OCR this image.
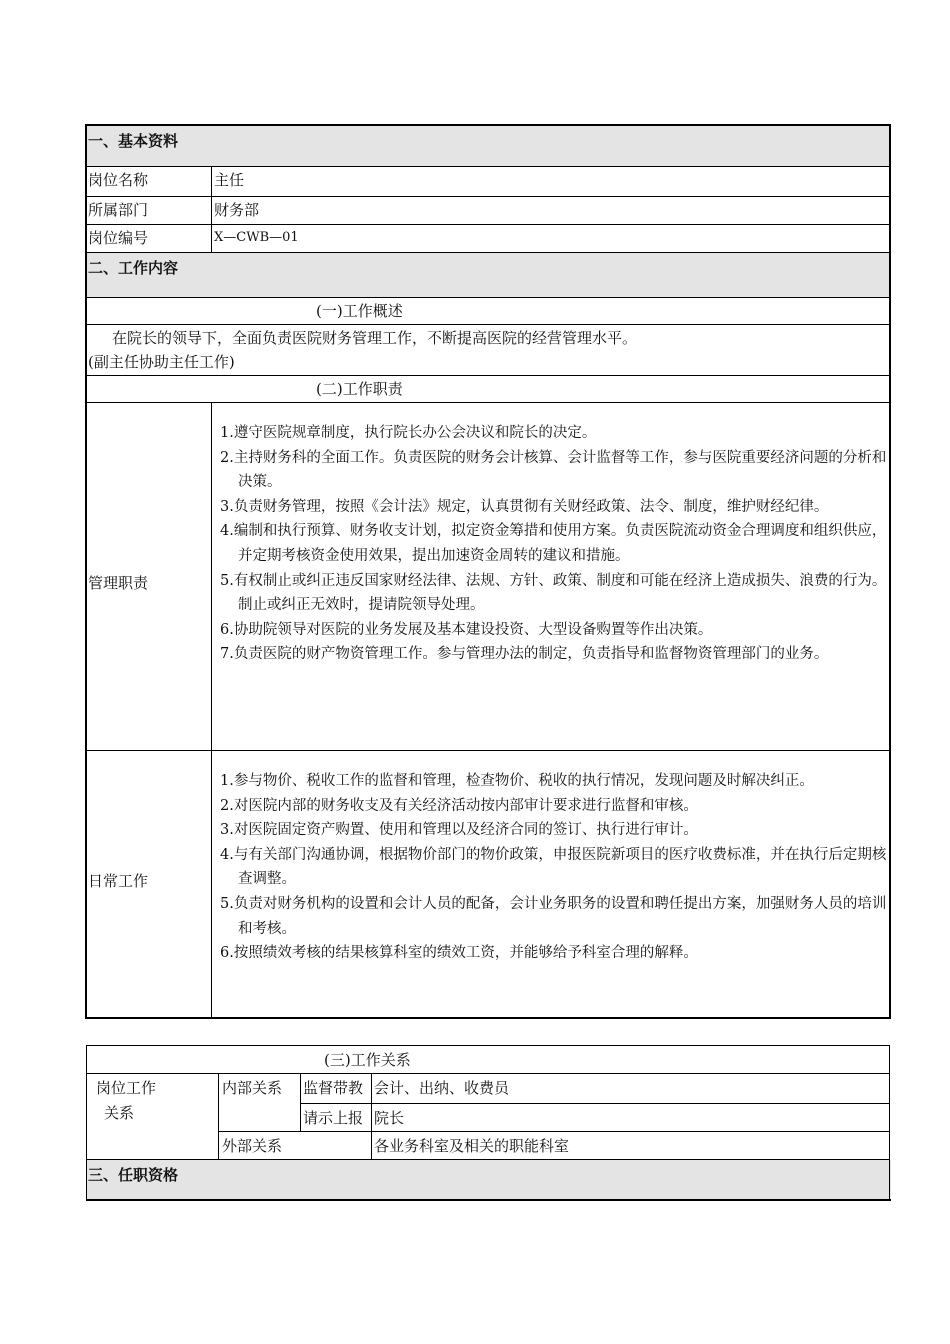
一、基本资料
岗位名称	主任
所属部门	财务部
岗位编号	X—CWB—01
二、工作内容
(一)工作概述
在院长的领导下，全面负责医院财务管理工作，不断提高医院的经营管理水平。
(副主任协助主任工作)
(二)工作职责
管理职责
1.遵守医院规章制度，执行院长办公会决议和院长的决定。
2.主持财务科的全面工作。负责医院的财务会计核算、会计监督等工作，参与医院重要经济问题的分析和决策。
3.负责财务管理，按照《会计法》规定，认真贯彻有关财经政策、法令、制度，维护财经纪律。
4.编制和执行预算、财务收支计划，拟定资金筹措和使用方案。负责医院流动资金合理调度和组织供应，并定期考核资金使用效果，提出加速资金周转的建议和措施。
5.有权制止或纠正违反国家财经法律、法规、方针、政策、制度和可能在经济上造成损失、浪费的行为。制止或纠正无效时，提请院领导处理。
6.协助院领导对医院的业务发展及基本建设投资、大型设备购置等作出决策。
7.负责医院的财产物资管理工作。参与管理办法的制定，负责指导和监督物资管理部门的业务。
日常工作
1.参与物价、税收工作的监督和管理，检查物价、税收的执行情况，发现问题及时解决纠正。
2.对医院内部的财务收支及有关经济活动按内部审计要求进行监督和审核。
3.对医院固定资产购置、使用和管理以及经济合同的签订、执行进行审计。
4.与有关部门沟通协调，根据物价部门的物价政策，申报医院新项目的医疗收费标准，并在执行后定期核查调整。
5.负责对财务机构的设置和会计人员的配备，会计业务职务的设置和聘任提出方案，加强财务人员的培训和考核。
6.按照绩效考核的结果核算科室的绩效工资，并能够给予科室合理的解释。
(三)工作关系
岗位工作
关系
内部关系 监督带教 会计、出纳、收费员
请示上报 院长
外部关系	各业务科室及相关的职能科室
三、任职资格
